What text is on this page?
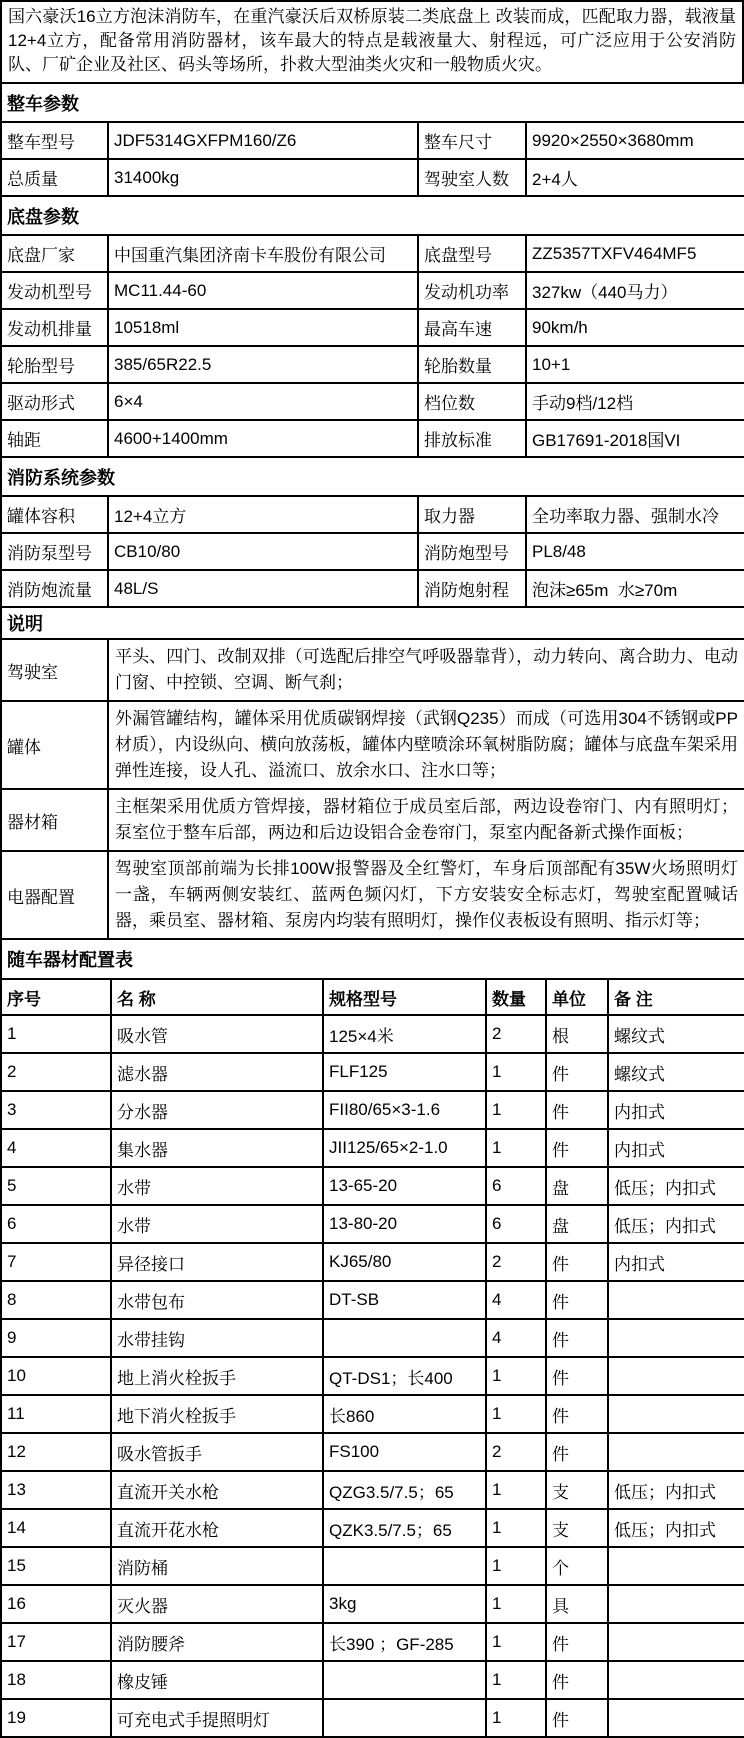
国六豪沃16立方泡沫消防车，在重汽豪沃后双桥原装二类底盘上 改装而成，匹配取力器，载液量12+4立方，配备常用消防器材，该车最大的特点是载液量大、射程远，可广泛应用于公安消防队、厂矿企业及社区、码头等场所，扑救大型油类火灾和一般物质火灾。
整车参数			
整车型号	JDF5314GXFPM160/Z6	整车尺寸	9920×2550×3680mm
总质量	31400kg	驾驶室人数	2+4人
底盘参数			
底盘厂家	中国重汽集团济南卡车股份有限公司	底盘型号	ZZ5357TXFV464MF5
发动机型号	MC11.44-60	发动机功率	327kw（440马力）
发动机排量	10518ml	最高车速	90km/h
轮胎型号	385/65R22.5	轮胎数量	10+1
驱动形式	6×4	档位数	手动9档/12档
轴距	4600+1400mm	排放标准	GB17691-2018国VI
消防系统参数			
罐体容积	12+4立方	取力器	全功率取力器、强制水冷
消防泵型号	CB10/80	消防炮型号	PL8/48
消防炮流量	48L/S	消防炮射程	泡沫≥65m  水≥70m
说明	
驾驶室	平头、四门、改制双排（可选配后排空气呼吸器靠背），动力转向、离合助力、电动门窗、中控锁、空调、断气刹；
罐体	外漏管罐结构，罐体采用优质碳钢焊接（武钢Q235）而成（可选用304不锈钢或PP材质），内设纵向、横向放荡板，罐体内壁喷涂环氧树脂防腐；罐体与底盘车架采用弹性连接，设人孔、溢流口、放余水口、注水口等；
器材箱	主框架采用优质方管焊接，器材箱位于成员室后部，两边设卷帘门、内有照明灯；泵室位于整车后部，两边和后边设铝合金卷帘门，泵室内配备新式操作面板；
电器配置	驾驶室顶部前端为长排100W报警器及全红警灯，车身后顶部配有35W火场照明灯一盏，车辆两侧安装红、蓝两色频闪灯，下方安装安全标志灯，驾驶室配置喊话器，乘员室、器材箱、泵房内均装有照明灯，操作仪表板设有照明、指示灯等；
随车器材配置表					
序号	名 称	规格型号	数量	单位	备 注
1	吸水管	125×4米	2	根	螺纹式
2	滤水器	FLF125	1	件	螺纹式
3	分水器	FII80/65×3-1.6	1	件	内扣式
4	集水器	JII125/65×2-1.0	1	件	内扣式
5	水带	13-65-20	6	盘	低压；内扣式
6	水带	13-80-20	6	盘	低压；内扣式
7	异径接口	KJ65/80	2	件	内扣式
8	水带包布	DT-SB	4	件	
9	水带挂钩		4	件	
10	地上消火栓扳手	QT-DS1；长400	1	件	
11	地下消火栓扳手	长860	1	件	
12	吸水管扳手	FS100	2	件	
13	直流开关水枪	QZG3.5/7.5；65	1	支	低压；内扣式
14	直流开花水枪	QZK3.5/7.5；65	1	支	低压；内扣式
15	消防桶		1	个	
16	灭火器	3kg	1	具	
17	消防腰斧	长390 ；GF-285	1	件	
18	橡皮锤		1	件	
19	可充电式手提照明灯		1	件	
